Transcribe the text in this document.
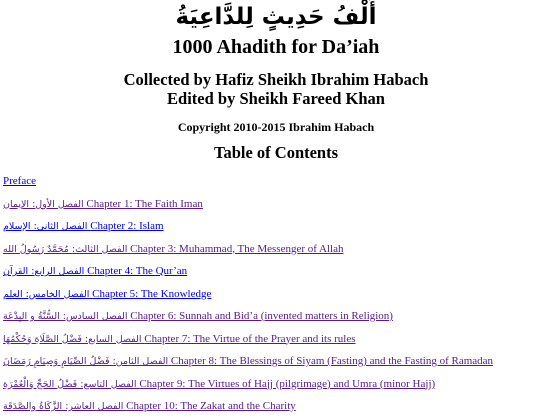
أَلْفُ حَدِيثٍ لِلدَّاعِيَةُ
1000 Ahadith for Da’iah
Collected by Hafiz Sheikh Ibrahim Habach
Edited by Sheikh Fareed Khan
Copyright 2010-2015 Ibrahim Habach
Table of Contents
Preface
الفصل الأول: الإيمان Chapter 1: The Faith Iman
الفصل الثاني: الإسلام Chapter 2: Islam
الفصل الثالث: مُحَمَّدٌ رَسُولُ الله Chapter 3: Muhammad, The Messenger of Allah
الفصل الرابع: القرآن Chapter 4: The Qur’an
الفصل الخامس: العلم Chapter 5: The Knowledge
الفصل السادس: السُّنَّةُ و البِدْعَة Chapter 6: Sunnah and Bid’a (invented matters in Religion)
الفصل السابع: فَضْلُ الصَّلَاةِ وَحُكْمُهَا Chapter 7: The Virtue of the Prayer and its rules
الفصل الثامن: فَضْلُ الصِّيَامِ وَصِيَامِ رَمَضَانَ Chapter 8: The Blessings of Siyam (Fasting) and the Fasting of Ramadan
الفصل التاسع: فَضْلُ الحَجِّ وَالْعُمْرَةِ Chapter 9: The Virtues of Hajj (pilgrimage) and Umra (minor Hajj)
الفصل العاشر: الزَّكَاةُ والصَّدَقَة Chapter 10: The Zakat and the Charity
